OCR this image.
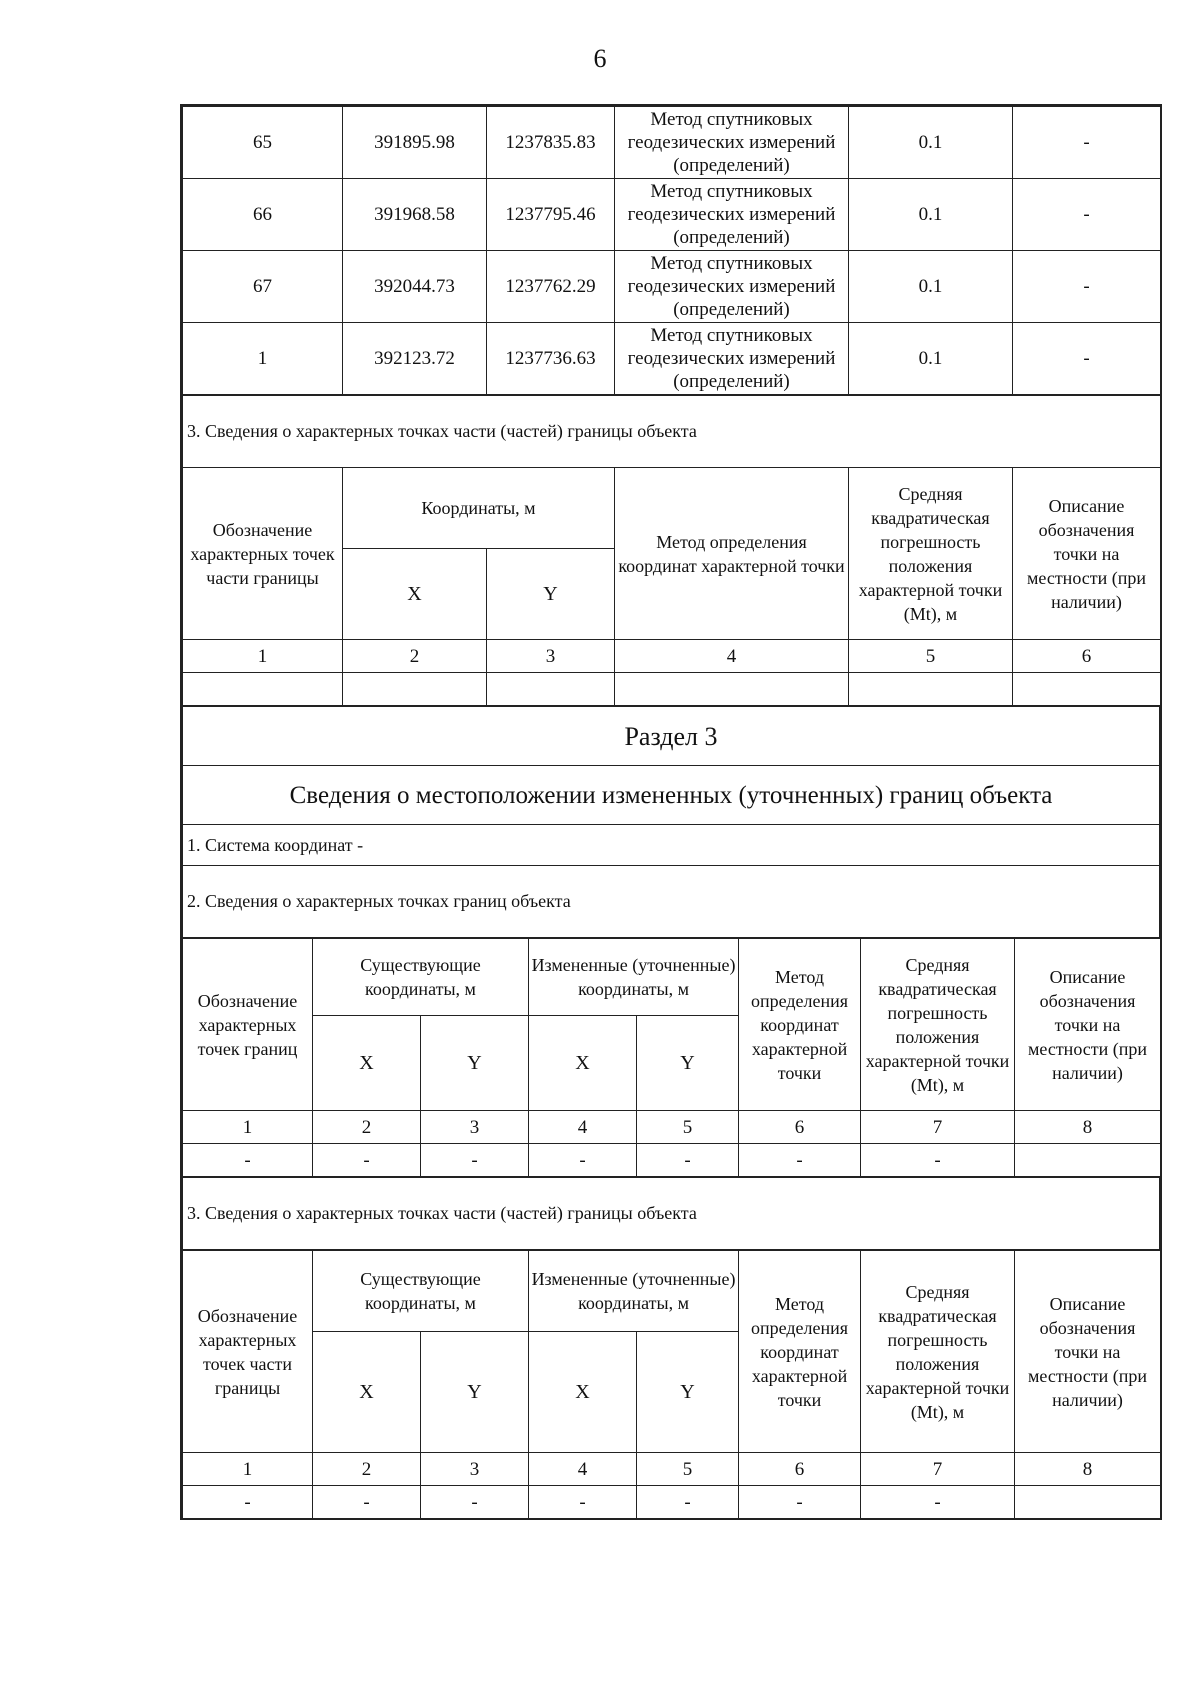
6
65	391895.98	1237835.83	Метод спутниковых геодезических измерений (определений)	0.1	-
66	391968.58	1237795.46	Метод спутниковых геодезических измерений (определений)	0.1	-
67	392044.73	1237762.29	Метод спутниковых геодезических измерений (определений)	0.1	-
1	392123.72	1237736.63	Метод спутниковых геодезических измерений (определений)	0.1	-
3. Сведения о характерных точках части (частей) границы объекта					
Обозначение характерных точек части границы	Координаты, м		Метод определения координат характерной точки	Средняя квадратическая погрешность положения характерной точки (Mt), м	Описание обозначения точки на местности (при наличии)
	X	Y			
1	2	3	4	5	6

Раздел 3
Сведения о местоположении измененных (уточненных) границ объекта
1. Система координат -
2. Сведения о характерных точках границ объекта
Обозначение характерных точек границ	Существующие координаты, м		Измененные (уточненные) координаты, м		Метод определения координат характерной точки	Средняя квадратическая погрешность положения характерной точки (Mt), м	Описание обозначения точки на местности (при наличии)
	X	Y	X	Y			
1	2	3	4	5	6	7	8
-	-	-	-	-	-	-	
3. Сведения о характерных точках части (частей) границы объекта
Обозначение характерных точек части границы	Существующие координаты, м		Измененные (уточненные) координаты, м		Метод определения координат характерной точки	Средняя квадратическая погрешность положения характерной точки (Mt), м	Описание обозначения точки на местности (при наличии)
	X	Y	X	Y			
1	2	3	4	5	6	7	8
-	-	-	-	-	-	-	
